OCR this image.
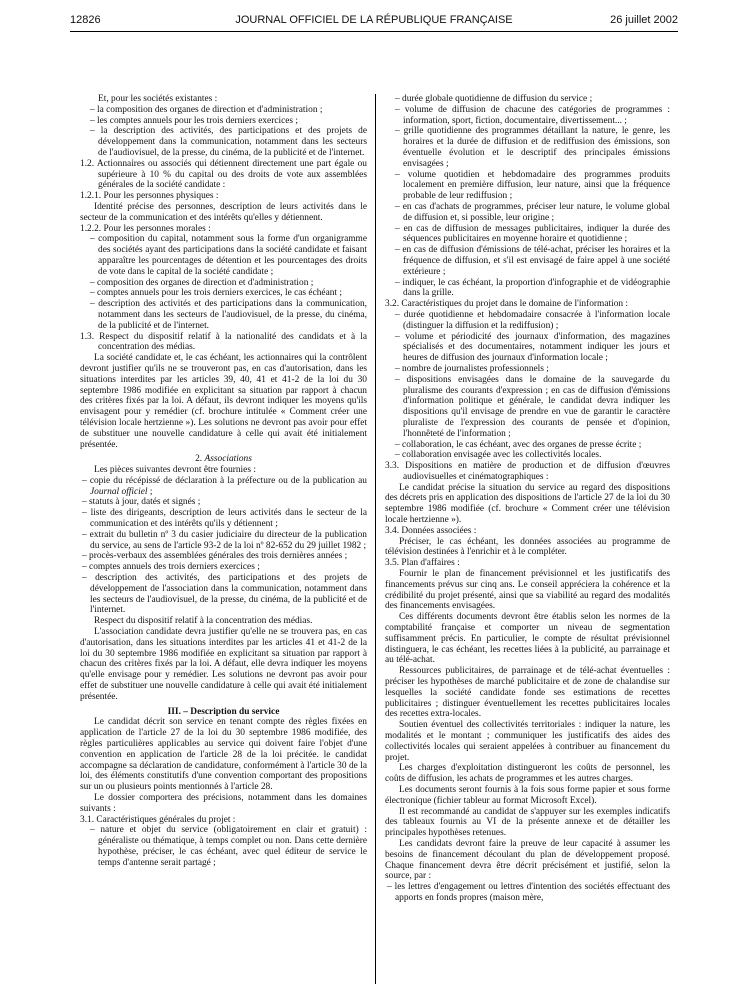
12826	JOURNAL OFFICIEL DE LA RÉPUBLIQUE FRANÇAISE	26 juillet 2002

Et, pour les sociétés existantes :

– la composition des organes de direction et d'administration ;

– les comptes annuels pour les trois derniers exercices ;

– la description des activités, des participations et des projets de développement dans la communication, notamment dans les secteurs de l'audiovisuel, de la presse, du cinéma, de la publicité et de l'internet.

1.2. Actionnaires ou associés qui détiennent directement une part égale ou supérieure à 10 % du capital ou des droits de vote aux assemblées générales de la société candidate :

1.2.1. Pour les personnes physiques :

Identité précise des personnes, description de leurs activités dans le secteur de la communication et des intérêts qu'elles y détiennent.

1.2.2. Pour les personnes morales :

– composition du capital, notamment sous la forme d'un organigramme des sociétés ayant des participations dans la société candidate et faisant apparaître les pourcentages de détention et les pourcentages des droits de vote dans le capital de la société candidate ;

– composition des organes de direction et d'administration ;

– comptes annuels pour les trois derniers exercices, le cas échéant ;

– description des activités et des participations dans la communication, notamment dans les secteurs de l'audiovisuel, de la presse, du cinéma, de la publicité et de l'internet.

1.3. Respect du dispositif relatif à la nationalité des candidats et à la concentration des médias.

La société candidate et, le cas échéant, les actionnaires qui la contrôlent devront justifier qu'ils ne se trouveront pas, en cas d'autorisation, dans les situations interdites par les articles 39, 40, 41 et 41-2 de la loi du 30 septembre 1986 modifiée en explicitant sa situation par rapport à chacun des critères fixés par la loi. A défaut, ils devront indiquer les moyens qu'ils envisagent pour y remédier (cf. brochure intitulée « Comment créer une télévision locale hertzienne »). Les solutions ne devront pas avoir pour effet de substituer une nouvelle candidature à celle qui avait été initialement présentée.

2. Associations

Les pièces suivantes devront être fournies :

– copie du récépissé de déclaration à la préfecture ou de la publication au Journal officiel ;

– statuts à jour, datés et signés ;

– liste des dirigeants, description de leurs activités dans le secteur de la communication et des intérêts qu'ils y détiennent ;

– extrait du bulletin nº 3 du casier judiciaire du directeur de la publication du service, au sens de l'article 93-2 de la loi nº 82-652 du 29 juillet 1982 ;

– procès-verbaux des assemblées générales des trois dernières années ;

– comptes annuels des trois derniers exercices ;

– description des activités, des participations et des projets de développement de l'association dans la communication, notamment dans les secteurs de l'audiovisuel, de la presse, du cinéma, de la publicité et de l'internet.

Respect du dispositif relatif à la concentration des médias.

L'association candidate devra justifier qu'elle ne se trouvera pas, en cas d'autorisation, dans les situations interdites par les articles 41 et 41-2 de la loi du 30 septembre 1986 modifiée en explicitant sa situation par rapport à chacun des critères fixés par la loi. A défaut, elle devra indiquer les moyens qu'elle envisage pour y remédier. Les solutions ne devront pas avoir pour effet de substituer une nouvelle candidature à celle qui avait été initialement présentée.

III. – Description du service

Le candidat décrit son service en tenant compte des règles fixées en application de l'article 27 de la loi du 30 septembre 1986 modifiée, des règles particulières applicables au service qui doivent faire l'objet d'une convention en application de l'article 28 de la loi précitée. le candidat accompagne sa déclaration de candidature, conformément à l'article 30 de la loi, des éléments constitutifs d'une convention comportant des propositions sur un ou plusieurs points mentionnés à l'article 28.

Le dossier comportera des précisions, notamment dans les domaines suivants :

3.1. Caractéristiques générales du projet :

– nature et objet du service (obligatoirement en clair et gratuit) : généraliste ou thématique, à temps complet ou non. Dans cette dernière hypothèse, préciser, le cas échéant, avec quel éditeur de service le temps d'antenne serait partagé ;

– durée globale quotidienne de diffusion du service ;

– volume de diffusion de chacune des catégories de programmes : information, sport, fiction, documentaire, divertissement... ;

– grille quotidienne des programmes détaillant la nature, le genre, les horaires et la durée de diffusion et de rediffusion des émissions, son éventuelle évolution et le descriptif des principales émissions envisagées ;

– volume quotidien et hebdomadaire des programmes produits localement en première diffusion, leur nature, ainsi que la fréquence probable de leur rediffusion ;

– en cas d'achats de programmes, préciser leur nature, le volume global de diffusion et, si possible, leur origine ;

– en cas de diffusion de messages publicitaires, indiquer la durée des séquences publicitaires en moyenne horaire et quotidienne ;

– en cas de diffusion d'émissions de télé-achat, préciser les horaires et la fréquence de diffusion, et s'il est envisagé de faire appel à une société extérieure ;

– indiquer, le cas échéant, la proportion d'infographie et de vidéographie dans la grille.

3.2. Caractéristiques du projet dans le domaine de l'information :

– durée quotidienne et hebdomadaire consacrée à l'information locale (distinguer la diffusion et la rediffusion) ;

– volume et périodicité des journaux d'information, des magazines spécialisés et des documentaires, notamment indiquer les jours et heures de diffusion des journaux d'information locale ;

– nombre de journalistes professionnels ;

– dispositions envisagées dans le domaine de la sauvegarde du pluralisme des courants d'expression ; en cas de diffusion d'émissions d'information politique et générale, le candidat devra indiquer les dispositions qu'il envisage de prendre en vue de garantir le caractère pluraliste de l'expression des courants de pensée et d'opinion, l'honnêteté de l'information ;

– collaboration, le cas échéant, avec des organes de presse écrite ;

– collaboration envisagée avec les collectivités locales.

3.3. Dispositions en matière de production et de diffusion d'œuvres audiovisuelles et cinématographiques :

Le candidat précise la situation du service au regard des dispositions des décrets pris en application des dispositions de l'article 27 de la loi du 30 septembre 1986 modifiée (cf. brochure « Comment créer une télévision locale hertzienne »).

3.4. Données associées :

Préciser, le cas échéant, les données associées au programme de télévision destinées à l'enrichir et à le compléter.

3.5. Plan d'affaires :

Fournir le plan de financement prévisionnel et les justificatifs des financements prévus sur cinq ans. Le conseil appréciera la cohérence et la crédibilité du projet présenté, ainsi que sa viabilité au regard des modalités des financements envisagées.

Ces différents documents devront être établis selon les normes de la comptabilité française et comporter un niveau de segmentation suffisamment précis. En particulier, le compte de résultat prévisionnel distinguera, le cas échéant, les recettes liées à la publicité, au parrainage et au télé-achat.

Ressources publicitaires, de parrainage et de télé-achat éventuelles : préciser les hypothèses de marché publicitaire et de zone de chalandise sur lesquelles la société candidate fonde ses estimations de recettes publicitaires ; distinguer éventuellement les recettes publicitaires locales des recettes extra-locales.

Soutien éventuel des collectivités territoriales : indiquer la nature, les modalités et le montant ; communiquer les justificatifs des aides des collectivités locales qui seraient appelées à contribuer au financement du projet.

Les charges d'exploitation distingueront les coûts de personnel, les coûts de diffusion, les achats de programmes et les autres charges.

Les documents seront fournis à la fois sous forme papier et sous forme électronique (fichier tableur au format Microsoft Excel).

Il est recommandé au candidat de s'appuyer sur les exemples indicatifs des tableaux fournis au VI de la présente annexe et de détailler les principales hypothèses retenues.

Les candidats devront faire la preuve de leur capacité à assumer les besoins de financement découlant du plan de développement proposé. Chaque financement devra être décrit précisément et justifié, selon la source, par :

– les lettres d'engagement ou lettres d'intention des sociétés effectuant des apports en fonds propres (maison mère,
